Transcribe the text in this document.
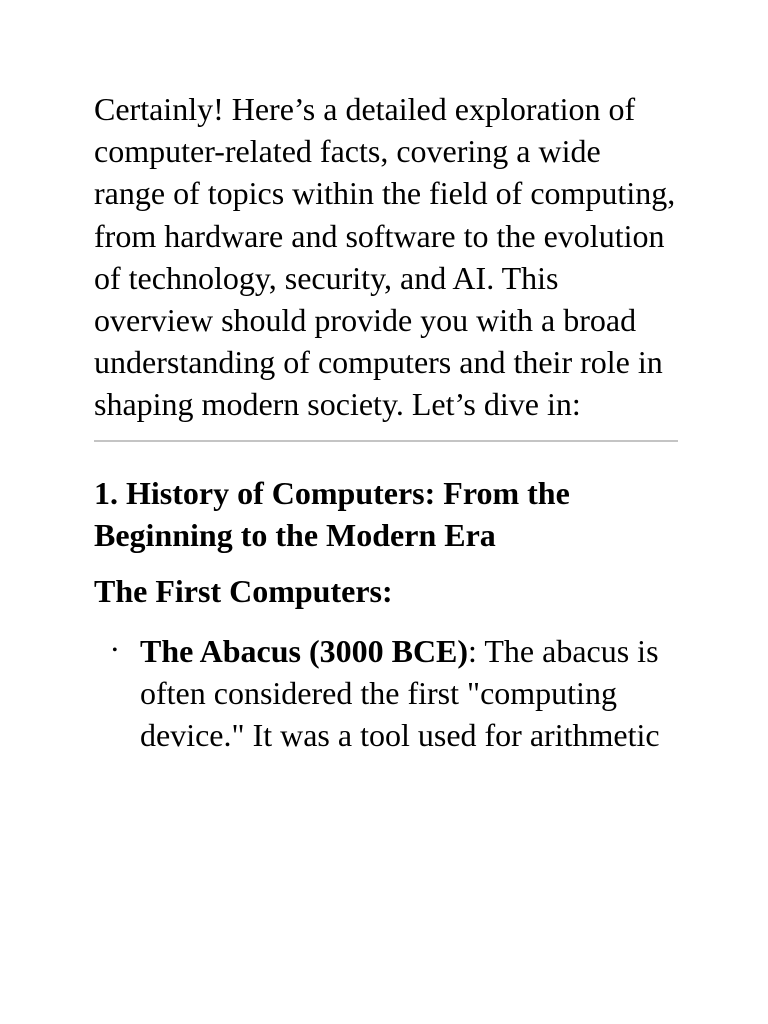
Certainly! Here’s a detailed exploration of computer-related facts, covering a wide range of topics within the field of computing, from hardware and software to the evolution of technology, security, and AI. This overview should provide you with a broad understanding of computers and their role in shaping modern society. Let’s dive in:

1. History of Computers: From the Beginning to the Modern Era
The First Computers:
• The Abacus (3000 BCE): The abacus is often considered the first "computing device." It was a tool used for arithmetic
